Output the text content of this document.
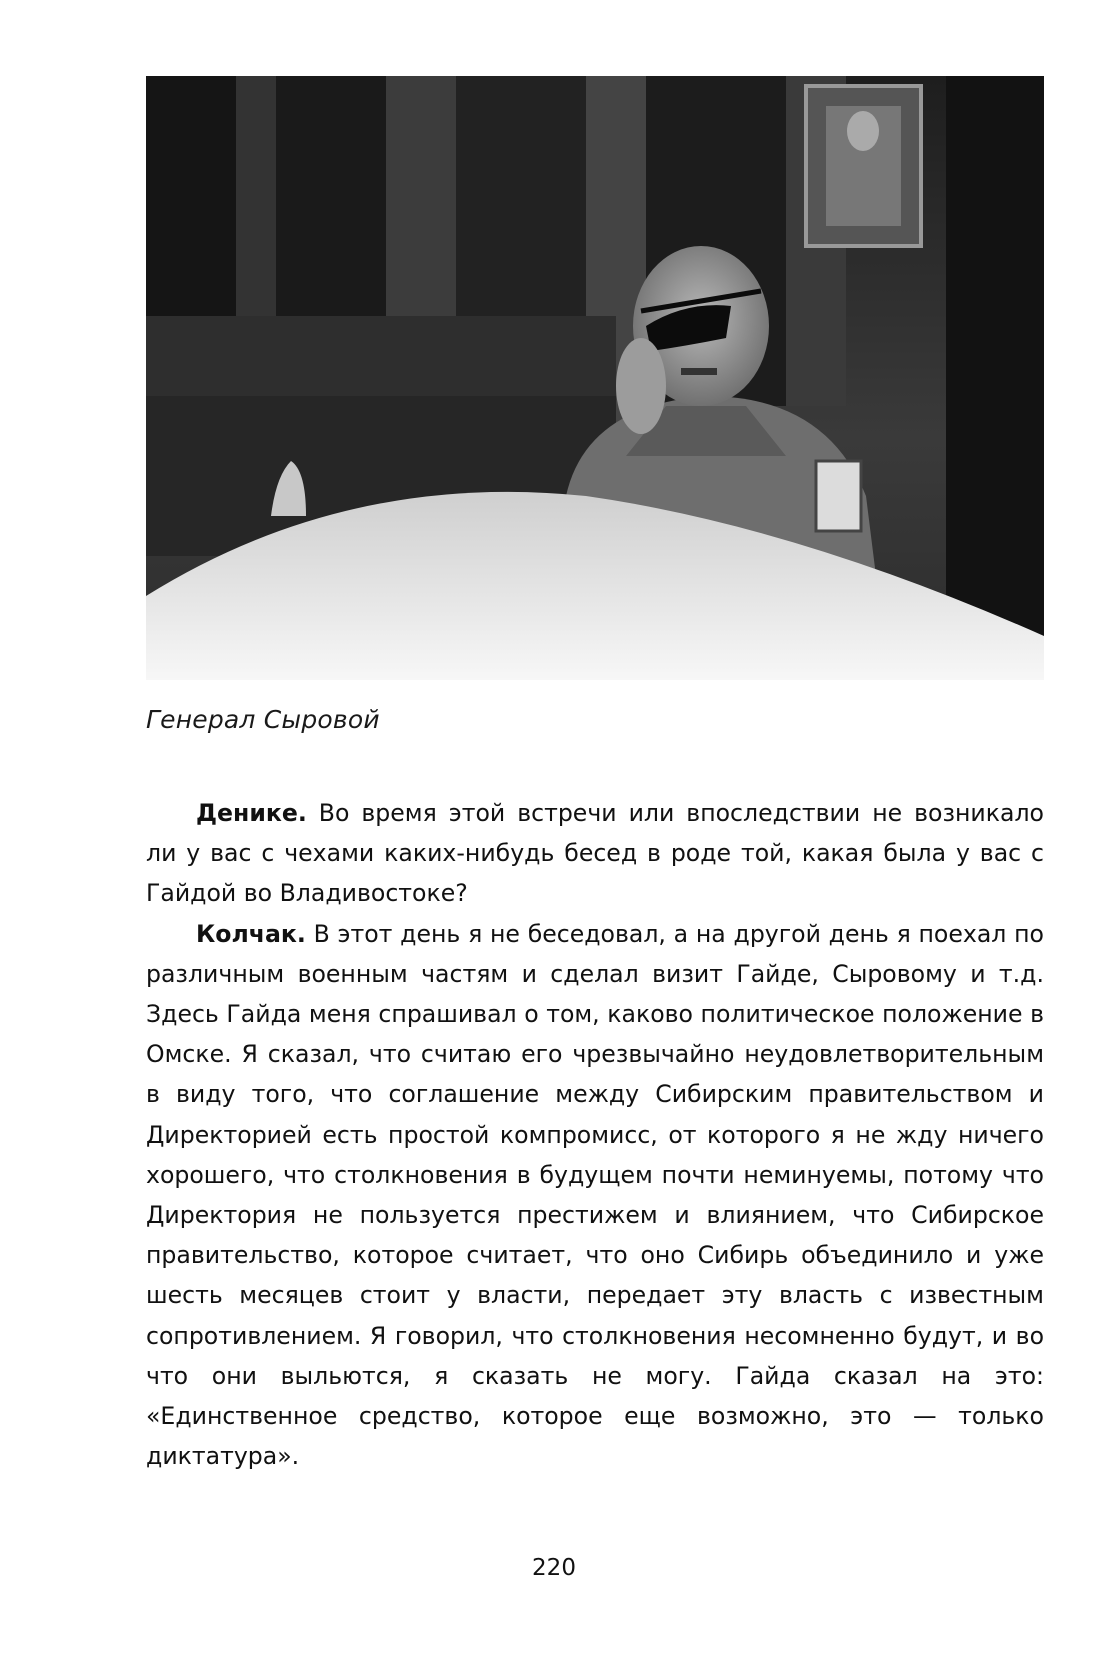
Генерал Сыровой

Денике. Во время этой встречи или впоследствии не возникало ли у вас с чехами каких-нибудь бесед в роде той, какая была у вас с Гайдой во Владивостоке?

Колчак. В этот день я не беседовал, а на другой день я поехал по различным военным частям и сделал визит Гайде, Сыровому и т.д. Здесь Гайда меня спрашивал о том, каково политическое положение в Омске. Я сказал, что считаю его чрезвычайно неудовлетворительным в виду того, что соглашение между Сибирским правительством и Директорией есть простой компромисс, от которого я не жду ничего хорошего, что столкновения в будущем почти неминуемы, потому что Директория не пользуется престижем и влиянием, что Сибирское правительство, которое считает, что оно Сибирь объединило и уже шесть месяцев стоит у власти, передает эту власть с известным сопротивлением. Я говорил, что столкновения несомненно будут, и во что они выльются, я сказать не могу. Гайда сказал на это: «Единственное средство, которое еще возможно, это — только диктатура».

220
